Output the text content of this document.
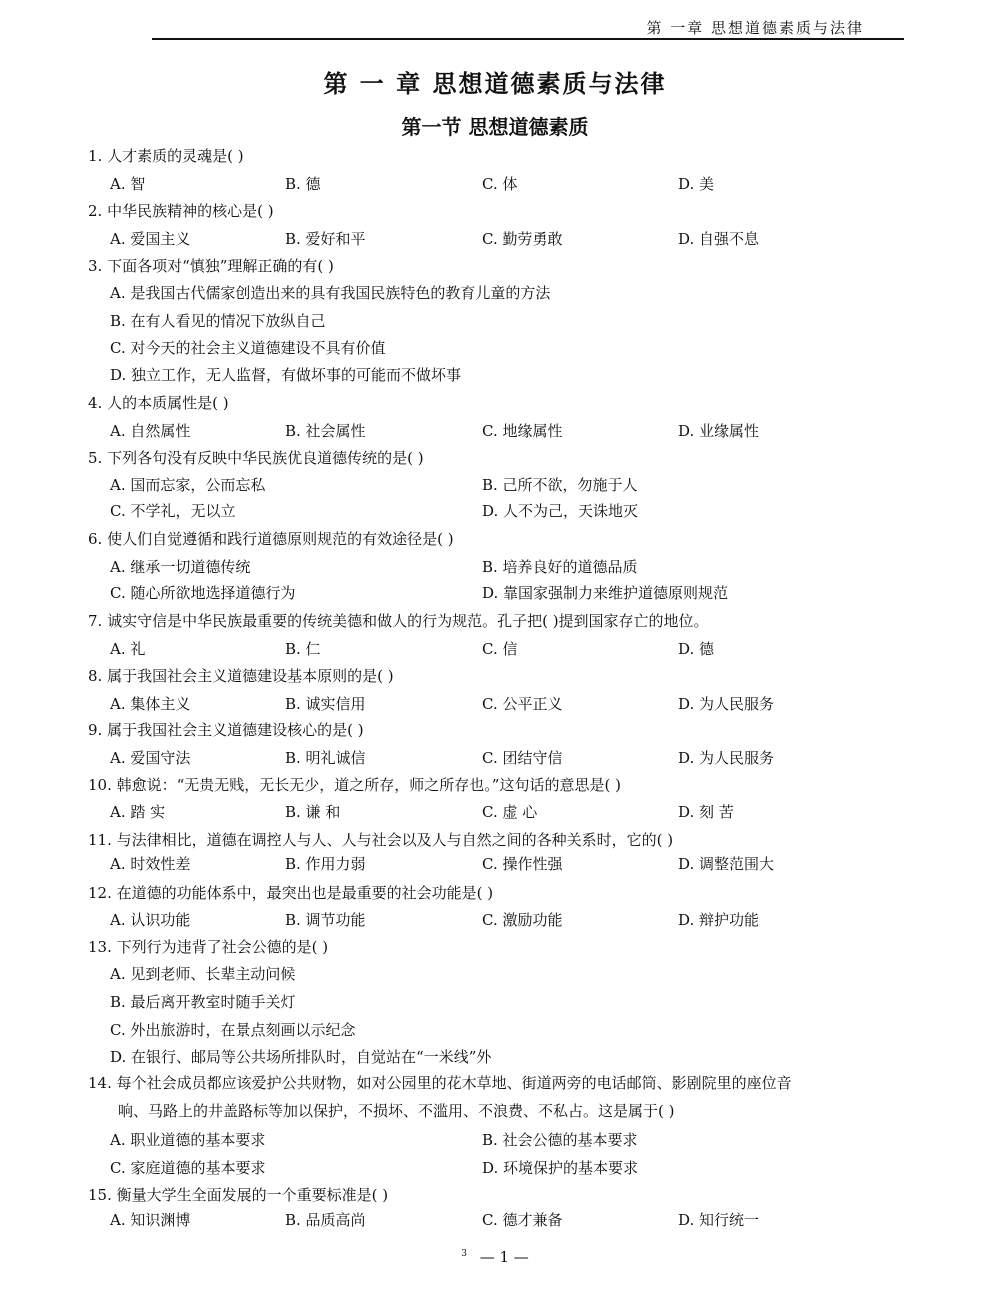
第 一章 思想道德素质与法律
第 一 章 思想道德素质与法律
第一节 思想道德素质
1. 人才素质的灵魂是( )
A. 智	B. 德	C. 体	D. 美
2. 中华民族精神的核心是( )
A. 爱国主义	B. 爱好和平	C. 勤劳勇敢	D. 自强不息
3. 下面各项对“慎独”理解正确的有( )
A. 是我国古代儒家创造出来的具有我国民族特色的教育儿童的方法
B. 在有人看见的情况下放纵自己
C. 对今天的社会主义道德建设不具有价值
D. 独立工作，无人监督，有做坏事的可能而不做坏事
4. 人的本质属性是( )
A. 自然属性	B. 社会属性	C. 地缘属性	D. 业缘属性
5. 下列各句没有反映中华民族优良道德传统的是( )
A. 国而忘家，公而忘私	B. 己所不欲，勿施于人
C. 不学礼，无以立	D. 人不为己，天诛地灭
6. 使人们自觉遵循和践行道德原则规范的有效途径是( )
A. 继承一切道德传统	B. 培养良好的道德品质
C. 随心所欲地选择道德行为	D. 靠国家强制力来维护道德原则规范
7. 诚实守信是中华民族最重要的传统美德和做人的行为规范。孔子把( )提到国家存亡的地位。
A. 礼	B. 仁	C. 信	D. 德
8. 属于我国社会主义道德建设基本原则的是( )
A. 集体主义	B. 诚实信用	C. 公平正义	D. 为人民服务
9. 属于我国社会主义道德建设核心的是( )
A. 爱国守法	B. 明礼诚信	C. 团结守信	D. 为人民服务
10. 韩愈说：“无贵无贱，无长无少，道之所存，师之所存也。”这句话的意思是( )
A. 踏 实	B. 谦 和	C. 虚 心	D. 刻 苦
11. 与法律相比，道德在调控人与人、人与社会以及人与自然之间的各种关系时，它的( )
A. 时效性差	B. 作用力弱	C. 操作性强	D. 调整范围大
12. 在道德的功能体系中，最突出也是最重要的社会功能是( )
A. 认识功能	B. 调节功能	C. 激励功能	D. 辩护功能
13. 下列行为违背了社会公德的是( )
A. 见到老师、长辈主动问候
B. 最后离开教室时随手关灯
C. 外出旅游时，在景点刻画以示纪念
D. 在银行、邮局等公共场所排队时，自觉站在“一米线”外
14. 每个社会成员都应该爱护公共财物，如对公园里的花木草地、街道两旁的电话邮筒、影剧院里的座位音
响、马路上的井盖路标等加以保护，不损坏、不滥用、不浪费、不私占。这是属于( )
A. 职业道德的基本要求	B. 社会公德的基本要求
C. 家庭道德的基本要求	D. 环境保护的基本要求
15. 衡量大学生全面发展的一个重要标准是( )
A. 知识渊博	B. 品质高尚	C. 德才兼备	D. 知行统一
$^3$ — 1 —
